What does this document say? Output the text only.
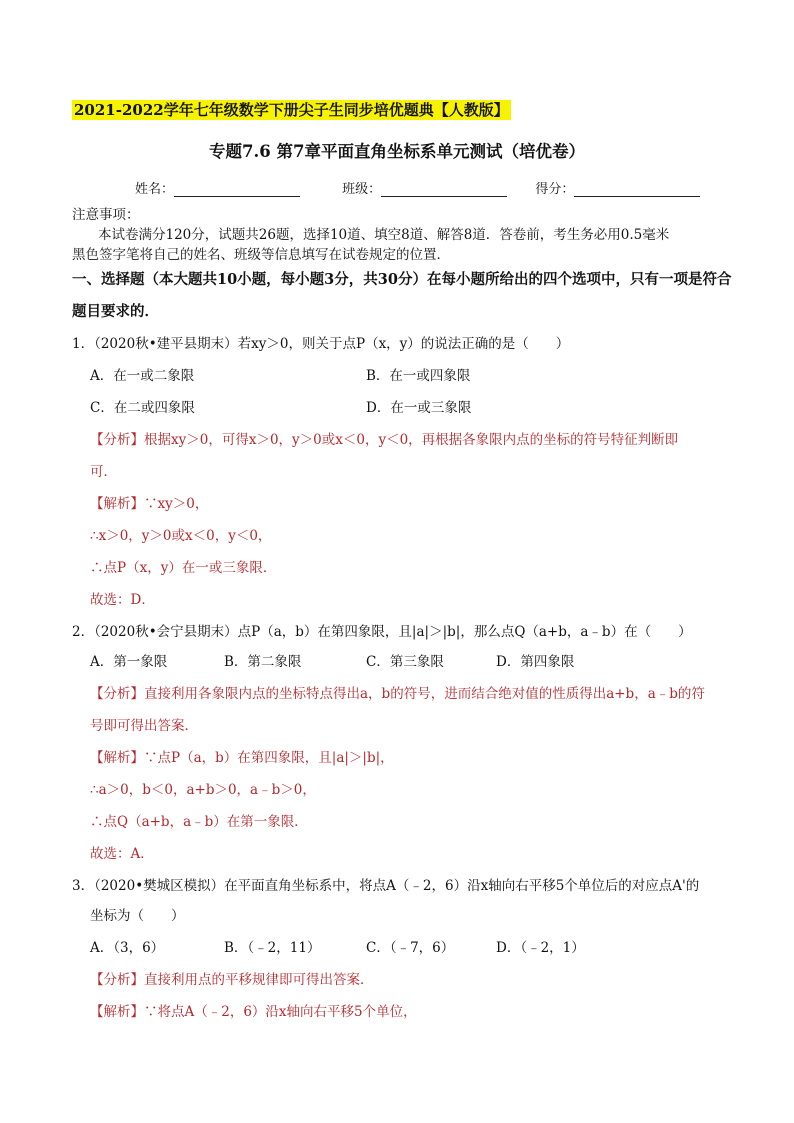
2021-2022学年七年级数学下册尖子生同步培优题典【人教版】
专题7.6 第7章平面直角坐标系单元测试（培优卷）
姓名：	班级：	得分：
注意事项：
本试卷满分120分，试题共26题，选择10道、填空8道、解答8道．答卷前，考生务必用0.5毫米
黑色签字笔将自己的姓名、班级等信息填写在试卷规定的位置．
一、选择题（本大题共10小题，每小题3分，共30分）在每小题所给出的四个选项中，只有一项是符合
题目要求的．
1．（2020秋•建平县期末）若xy＞0，则关于点P（x，y）的说法正确的是（　　）
A．在一或二象限	B．在一或四象限
C．在二或四象限	D．在一或三象限
【分析】根据xy＞0，可得x＞0，y＞0或x＜0，y＜0，再根据各象限内点的坐标的符号特征判断即
可．
【解析】∵xy＞0，
∴x＞0，y＞0或x＜0，y＜0，
∴点P（x，y）在一或三象限．
故选：D．
2．（2020秋•会宁县期末）点P（a，b）在第四象限，且|a|＞|b|，那么点Q（a+b，a﹣b）在（　　）
A．第一象限	B．第二象限	C．第三象限	D．第四象限
【分析】直接利用各象限内点的坐标特点得出a，b的符号，进而结合绝对值的性质得出a+b，a﹣b的符
号即可得出答案．
【解析】∵点P（a，b）在第四象限，且|a|＞|b|，
∴a＞0，b＜0，a+b＞0，a﹣b＞0，
∴点Q（a+b，a﹣b）在第一象限．
故选：A．
3．（2020•樊城区模拟）在平面直角坐标系中，将点A（﹣2，6）沿x轴向右平移5个单位后的对应点A'的
坐标为（　　）
A．（3，6）	B．（﹣2，11）	C．（﹣7，6）	D．（﹣2，1）
【分析】直接利用点的平移规律即可得出答案．
【解析】∵将点A（﹣2，6）沿x轴向右平移5个单位，
